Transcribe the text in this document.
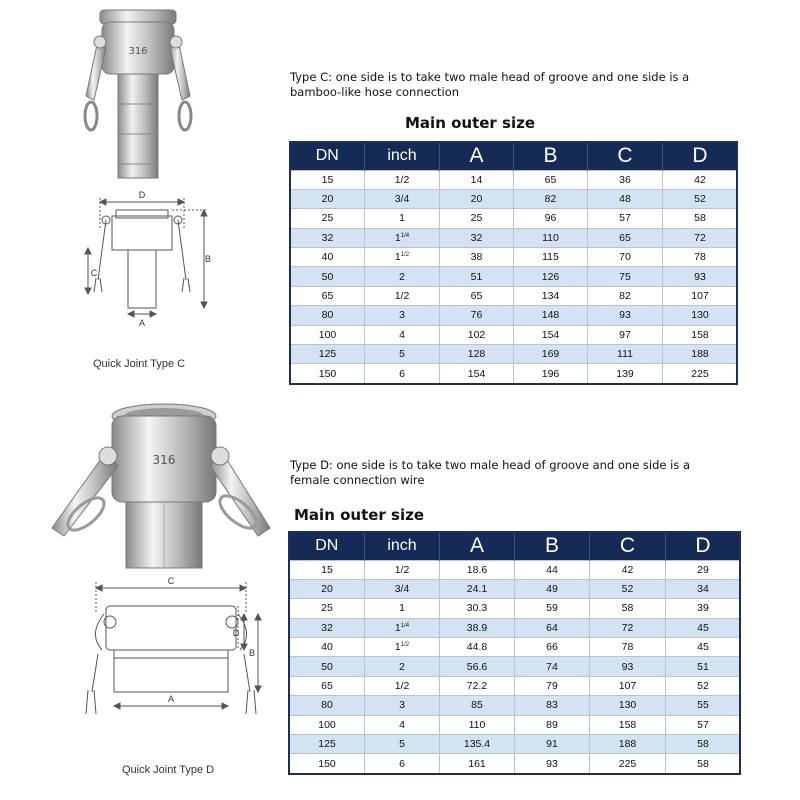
316
D
B
C
A
Quick Joint Type C
Type C: one side is to take two male head of groove and one side is a bamboo-like hose connection
Main outer size
DN	inch	A	B	C	D
15	1/2	14	65	36	42
20	3/4	20	82	48	52
25	1	25	96	57	58
32	$1^{1/4}$	32	110	65	72
40	$1^{1/2}$	38	115	70	78
50	2	51	126	75	93
65	1/2	65	134	82	107
80	3	76	148	93	130
100	4	102	154	97	158
125	5	128	169	111	188
150	6	154	196	139	225
316
C
D
B
A
Quick Joint Type D
Type D: one side is to take two male head of groove and one side is a female connection wire
Main outer size
DN	inch	A	B	C	D
15	1/2	18.6	44	42	29
20	3/4	24.1	49	52	34
25	1	30.3	59	58	39
32	$1^{1/4}$	38.9	64	72	45
40	$1^{1/2}$	44.8	66	78	45
50	2	56.6	74	93	51
65	1/2	72.2	79	107	52
80	3	85	83	130	55
100	4	110	89	158	57
125	5	135.4	91	188	58
150	6	161	93	225	58
